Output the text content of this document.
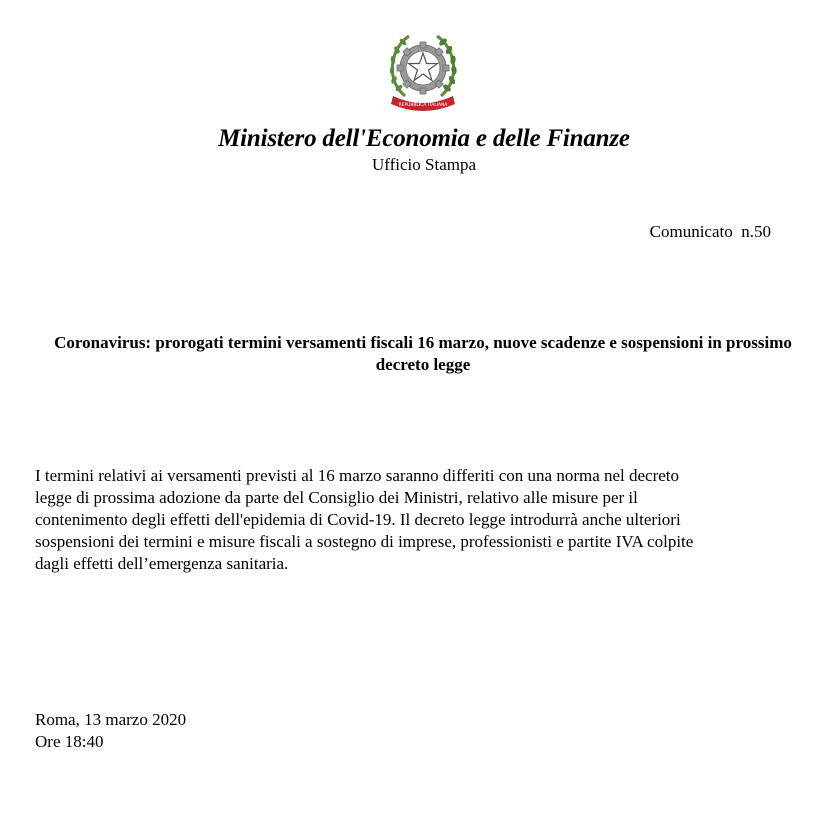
REPUBBLICA ITALIANA
Ministero dell'Economia e delle Finanze
Ufficio Stampa
Comunicato  n.50
Coronavirus: prorogati termini versamenti fiscali 16 marzo, nuove scadenze e sospensioni in prossimo decreto legge

I termini relativi ai versamenti previsti al 16 marzo saranno differiti con una norma nel decreto
legge di prossima adozione da parte del Consiglio dei Ministri, relativo alle misure per il
contenimento degli effetti dell'epidemia di Covid-19. Il decreto legge introdurrà anche ulteriori
sospensioni dei termini e misure fiscali a sostegno di imprese, professionisti e partite IVA colpite
dagli effetti dell’emergenza sanitaria.

Roma, 13 marzo 2020
Ore 18:40
